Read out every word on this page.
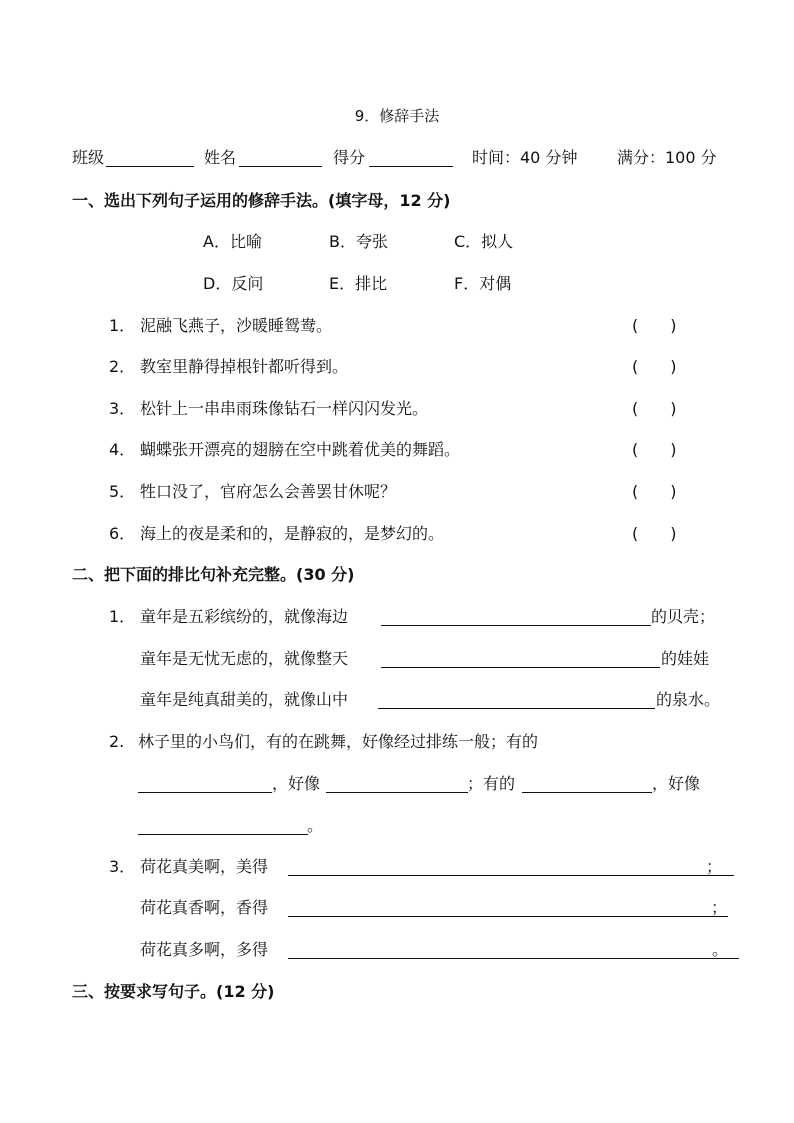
9．修辞手法
班级	姓名	得分	时间：40 分钟 满分：100 分
一、选出下列句子运用的修辞手法。(填字母，12 分)
A．比喻	B．夸张	C．拟人
D．反问	E．排比	F．对偶
1． 泥融飞燕子，沙暖睡鸳鸯。	(　　)
2． 教室里静得掉根针都听得到。	(　　)
3． 松针上一串串雨珠像钻石一样闪闪发光。	(　　)
4． 蝴蝶张开漂亮的翅膀在空中跳着优美的舞蹈。	(　　)
5． 牲口没了，官府怎么会善罢甘休呢？	(　　)
6． 海上的夜是柔和的，是静寂的，是梦幻的。	(　　)
二、把下面的排比句补充完整。(30 分)
1． 童年是五彩缤纷的，就像海边	的贝壳；
童年是无忧无虑的，就像整天	的娃娃
童年是纯真甜美的，就像山中	的泉水。
2. 林子里的小鸟们，有的在跳舞，好像经过排练一般；有的
，好像	；有的	，好像
。
3． 荷花真美啊，美得	；
荷花真香啊，香得	；
荷花真多啊，多得	。
三、按要求写句子。(12 分)
